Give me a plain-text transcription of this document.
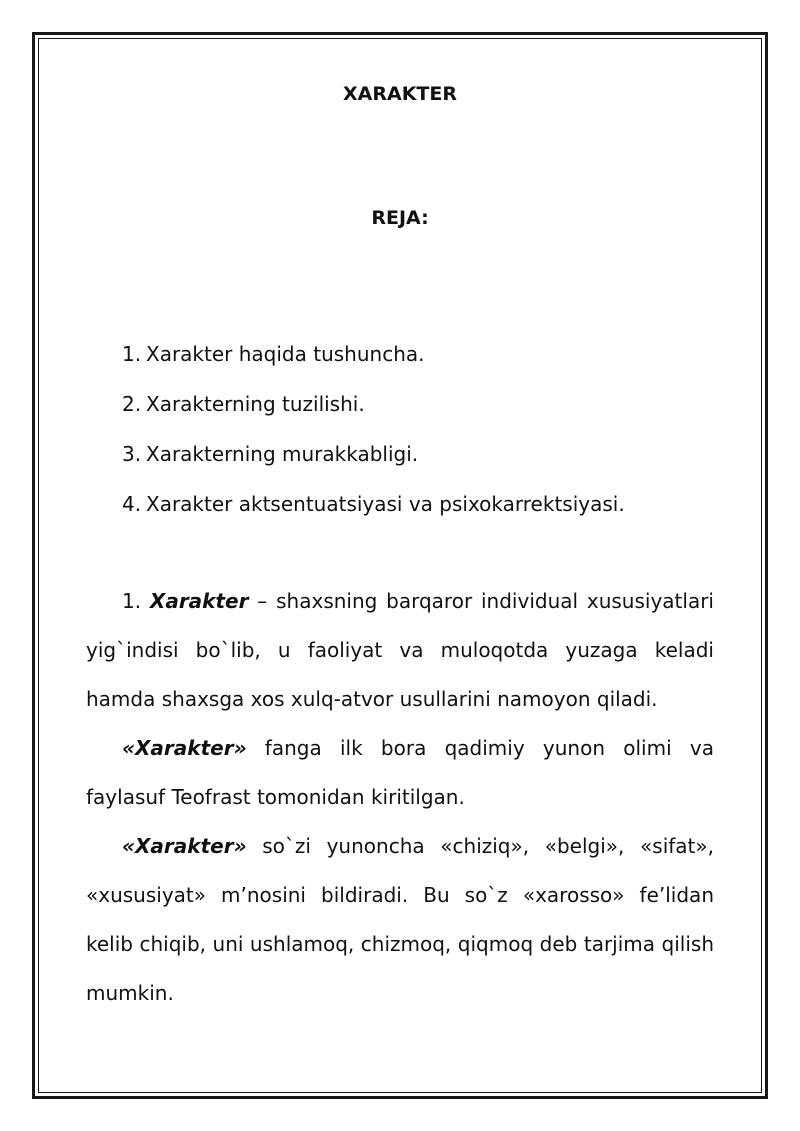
XARAKTER
REJA:
1. Xarakter haqida tushuncha.
2. Xarakterning tuzilishi.
3. Xarakterning murakkabligi.
4. Xarakter aktsentuatsiyasi va psixokarrektsiyasi.

1. Xarakter – shaxsning barqaror individual xususiyatlari yig`indisi bo`lib, u faoliyat va muloqotda yuzaga keladi hamda shaxsga xos xulq-atvor usullarini namoyon qiladi.

«Xarakter» fanga ilk bora qadimiy yunon olimi va faylasuf Teofrast tomonidan kiritilgan.

«Xarakter» so`zi yunoncha «chiziq», «belgi», «sifat», «xususiyat» m’nosini bildiradi. Bu so`z «xarosso» fe’lidan kelib chiqib, uni ushlamoq, chizmoq, qiqmoq deb tarjima qilish mumkin.
